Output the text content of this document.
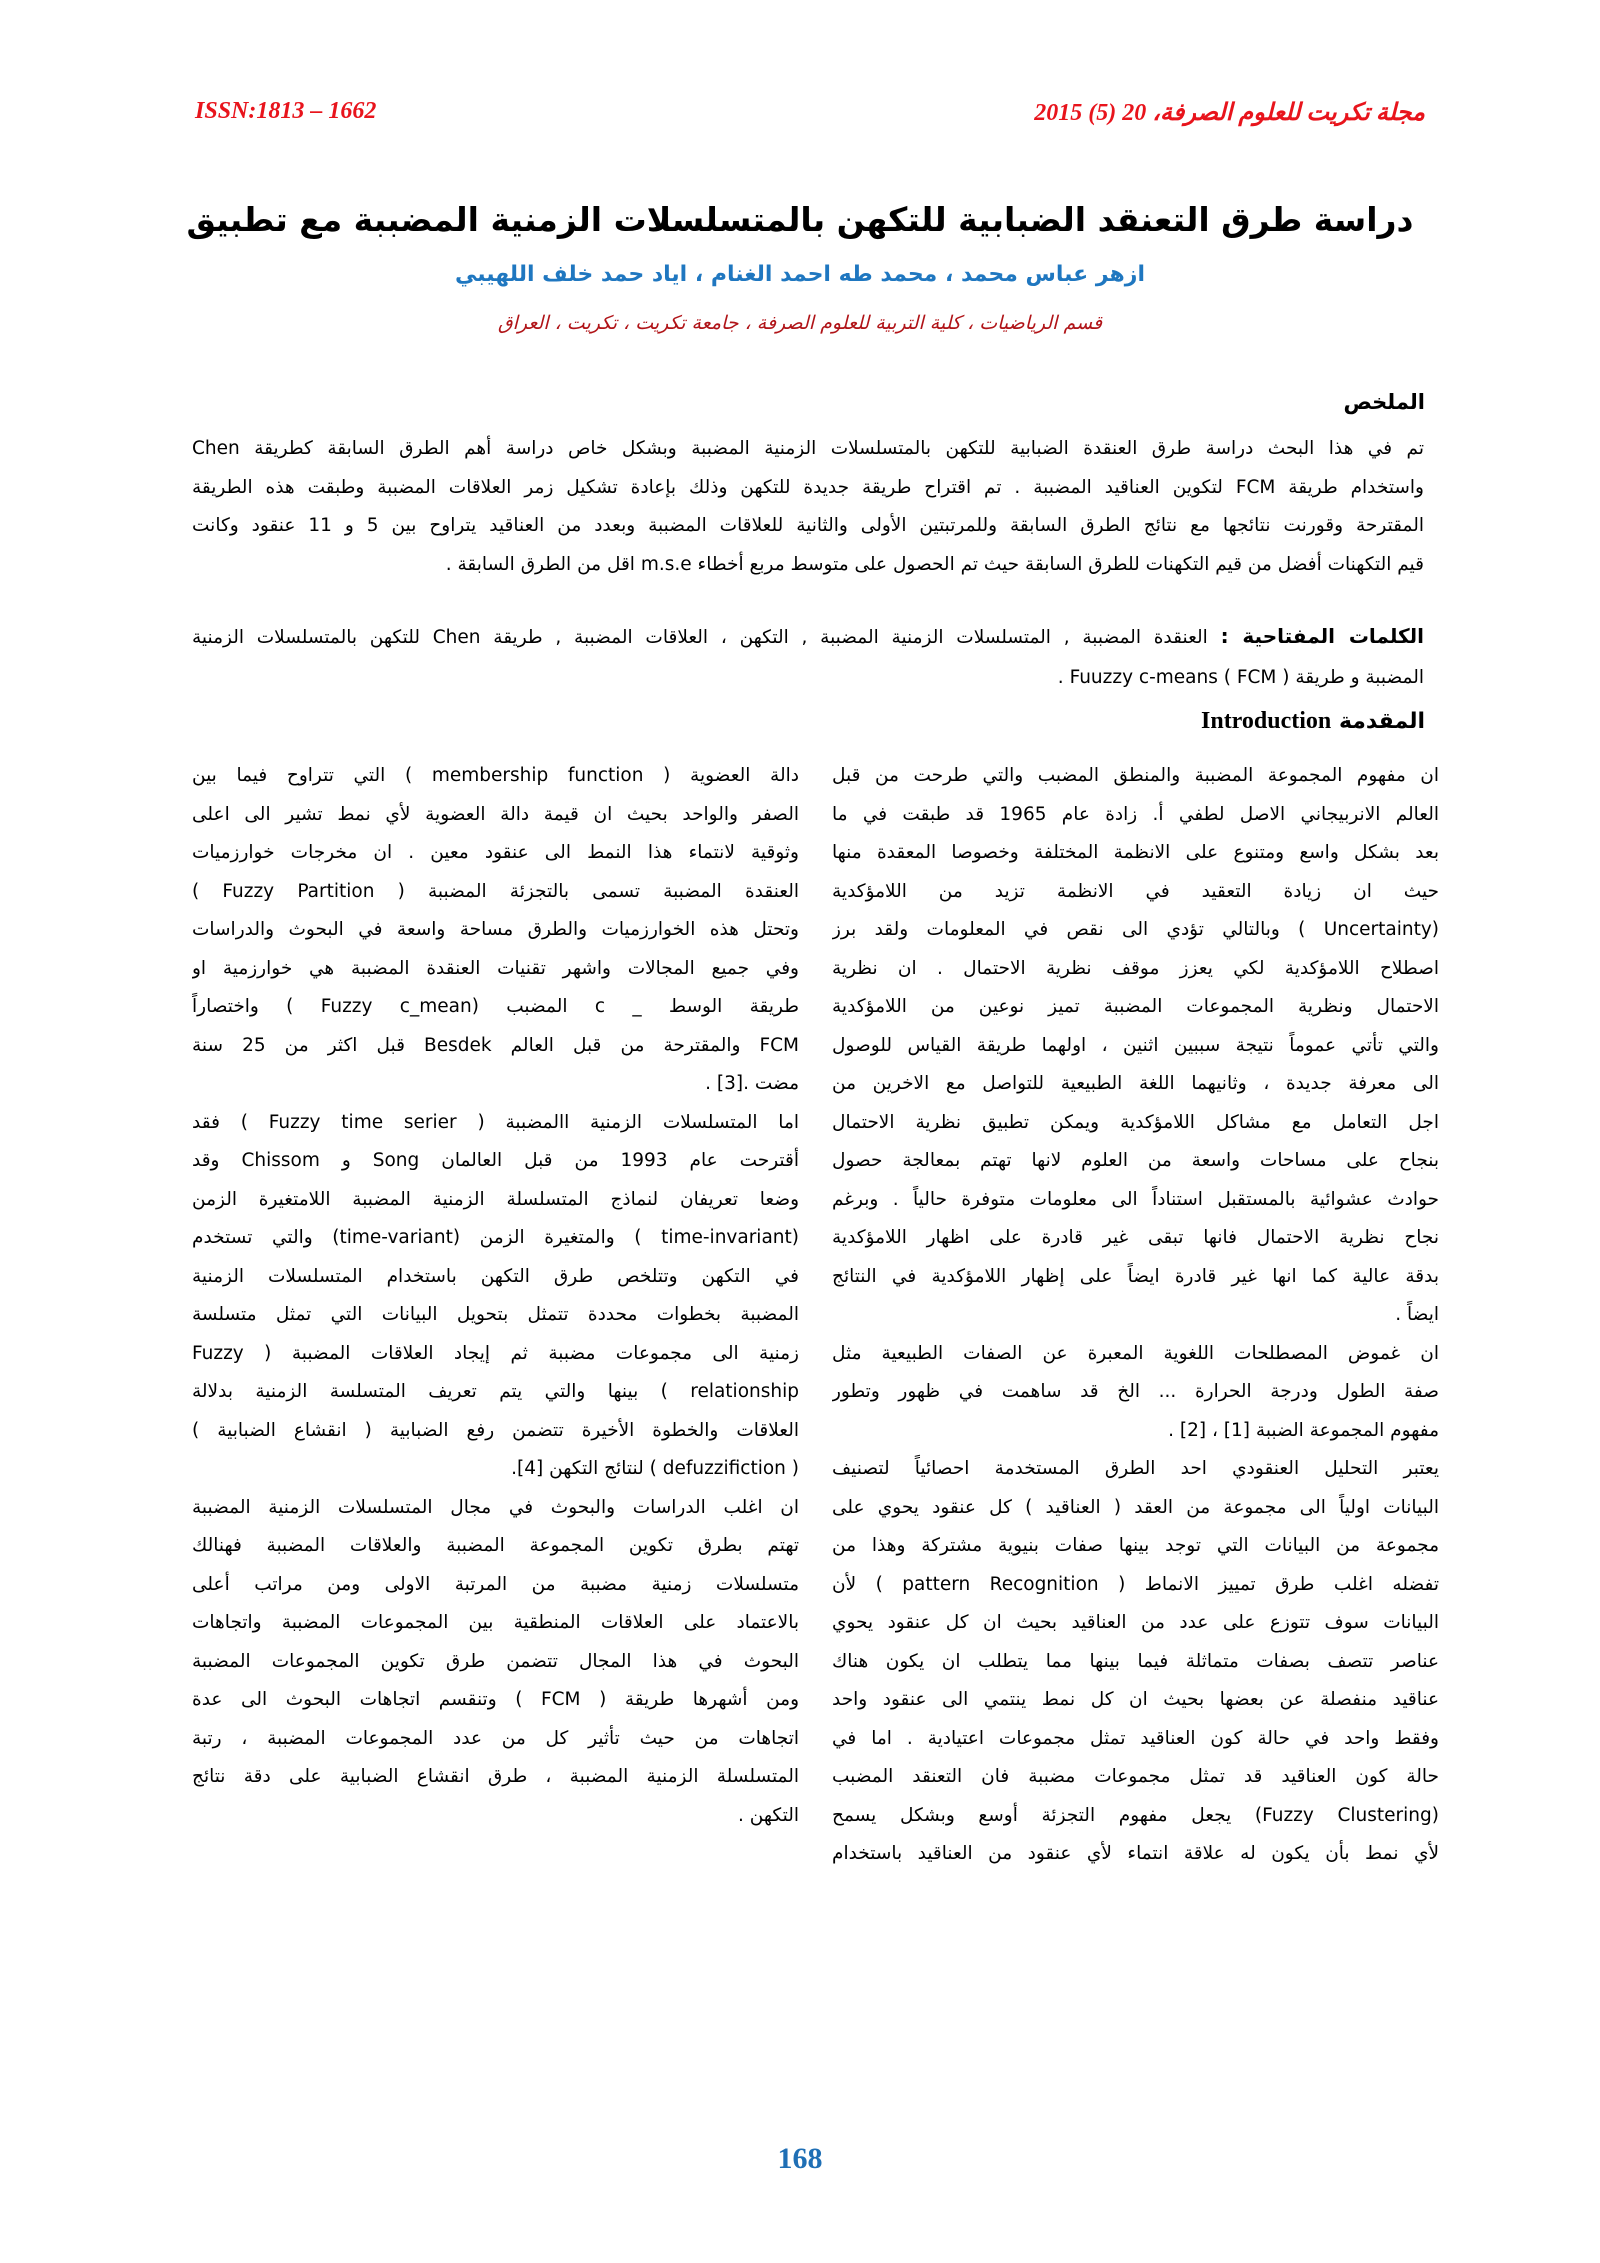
ISSN:1813 – 1662	مجلة تكريت للعلوم الصرفة، 20 (5) 2015
دراسة طرق التعنقد الضبابية للتكهن بالمتسلسلات الزمنية المضببة مع تطبيق
ازهر عباس محمد ، محمد طه احمد الغنام ، اياد حمد خلف اللهيبي
قسم الرياضيات ، كلية التربية للعلوم الصرفة ، جامعة تكريت ، تكريت ، العراق
الملخص
تم في هذا البحث دراسة طرق العنقدة الضبابية للتكهن بالمتسلسلات الزمنية المضببة وبشكل خاص دراسة أهم الطرق السابقة كطريقة Chen
واستخدام طريقة FCM لتكوين العناقيد المضببة . تم اقتراح طريقة جديدة للتكهن وذلك بإعادة تشكيل زمر العلاقات المضببة وطبقت هذه الطريقة
المقترحة وقورنت نتائجها مع نتائج الطرق السابقة وللمرتبتين الأولى والثانية للعلاقات المضببة وبعدد من العناقيد يتراوح بين 5 و 11 عنقود وكانت
قيم التكهنات أفضل من قيم التكهنات للطرق السابقة حيث تم الحصول على متوسط مربع أخطاء m.s.e اقل من الطرق السابقة .
الكلمات المفتاحية : العنقدة المضببة , المتسلسلات الزمنية المضببة , التكهن ، العلاقات المضببة , طريقة Chen للتكهن بالمتسلسلات الزمنية
المضببة و طريقة Fuuzzy c-means ( FCM ) .
المقدمة Introduction
ان مفهوم المجموعة المضببة والمنطق المضبب والتي طرحت من قبل
العالم الانربيجاني الاصل لطفي أ. زادة عام 1965 قد طبقت في ما
بعد بشكل واسع ومتنوع على الانظمة المختلفة وخصوصا المعقدة منها
حيث ان زيادة التعقيد في الانظمة تزيد من اللامؤكدية
(Uncertainty ) وبالتالي تؤدي الى نقص في المعلومات ولقد برز
اصطلاح اللامؤكدية لكي يعزز موقف نظرية الاحتمال . ان نظرية
الاحتمال ونظرية المجموعات المضببة تميز نوعين من اللامؤكدية
والتي تأتي عموماً نتيجة سببين اثنين ، اولهما طريقة القياس للوصول
الى معرفة جديدة ، وثانيهما اللغة الطبيعية للتواصل مع الاخرين من
اجل التعامل مع مشاكل اللامؤكدية ويمكن تطبيق نظرية الاحتمال
بنجاح على مساحات واسعة من العلوم لانها تهتم بمعالجة حصول
حوادث عشوائية بالمستقبل استناداً الى معلومات متوفرة حالياً . وبرغم
نجاح نظرية الاحتمال فانها تبقى غير قادرة على اظهار اللامؤكدية
بدقة عالية كما انها غير قادرة ايضاً على إظهار اللامؤكدية في النتائج
ايضاً .
ان غموض المصطلحات اللغوية المعبرة عن الصفات الطبيعية مثل
صفة الطول ودرجة الحرارة ... الخ قد ساهمت في ظهور وتطور
مفهوم المجموعة الضببة [1] ، [2] .
يعتبر التحليل العنقودي احد الطرق المستخدمة احصائياً لتصنيف
البيانات اولياً الى مجموعة من العقد ( العناقيد ) كل عنقود يحوي على
مجموعة من البيانات التي توجد بينها صفات بنيوية مشتركة وهذا من
تفضله اغلب طرق تمييز الانماط ( pattern Recognition ) لأن
البيانات سوف تتوزع على عدد من العناقيد بحيث ان كل عنقود يحوي
عناصر تتصف بصفات متماثلة فيما بينها مما يتطلب ان يكون هناك
عناقيد منفصلة عن بعضها بحيث ان كل نمط ينتمي الى عنقود واحد
وفقط واحد في حالة كون العناقيد تمثل مجموعات اعتيادية . اما في
حالة كون العناقيد قد تمثل مجموعات مضببة فان التعنقد المضبب
(Fuzzy Clustering) يجعل مفهوم التجزئة أوسع وبشكل يسمح
لأي نمط بأن يكون له علاقة انتماء لأي عنقود من العناقيد باستخدام
دالة العضوية ( membership function ) التي تتراوح فيما بين
الصفر والواحد بحيث ان قيمة دالة العضوية لأي نمط تشير الى اعلى
وثوقية لانتماء هذا النمط الى عنقود معين . ان مخرجات خوارزميات
العنقدة المضببة تسمى بالتجزئة المضببة ( Fuzzy Partition )
وتحتل هذه الخوارزميات والطرق مساحة واسعة في البحوث والدراسات
وفي جميع المجالات واشهر تقنيات العنقدة المضببة هي خوارزمية او
طريقة الوسط _ c المضبب (Fuzzy c_mean ) واختصاراً
FCM والمقترحة من قبل العالم Besdek قبل اكثر من 25 سنة
مضت .[3] .
اما المتسلسلات الزمنية االمضببة ( Fuzzy time serier ) فقد
أقترحت عام 1993 من قبل العالمان Song و Chissom وقد
وضعا تعريفان لنماذج المتسلسلة الزمنية المضببة اللامتغيرة الزمن
(time-invariant ) والمتغيرة الزمن (time-variant) والتي تستخدم
في التكهن وتتلخص طرق التكهن باستخدام المتسلسلات الزمنية
المضببة بخطوات محددة تتمثل بتحويل البيانات التي تمثل متسلسة
زمنية الى مجموعات مضببة ثم إيجاد العلاقات المضببة ( Fuzzy
relationship ) بينها والتي يتم تعريف المتسلسة الزمنية بدلالة
العلاقات والخطوة الأخيرة تتضمن رفع الضبابية ( انقشاع الضبابية )
( defuzzifiction ) لنتائج التكهن [4].
ان اغلب الدراسات والبحوث في مجال المتسلسلات الزمنية المضببة
تهتم بطرق تكوين المجموعة المضببة والعلاقات المضببة فهنالك
متسلسلات زمنية مضببة من المرتبة الاولى ومن مراتب أعلى
بالاعتماد على العلاقات المنطقية بين المجموعات المضببة واتجاهات
البحوث في هذا المجال تتضمن طرق تكوين المجموعات المضببة
ومن أشهرها طريقة ( FCM ) وتنقسم اتجاهات البحوث الى عدة
اتجاهات من حيث تأثير كل من عدد المجموعات المضببة ، رتبة
المتسلسلة الزمنية المضببة ، طرق انقشاع الضبابية على دقة نتائج
التكهن .
168
